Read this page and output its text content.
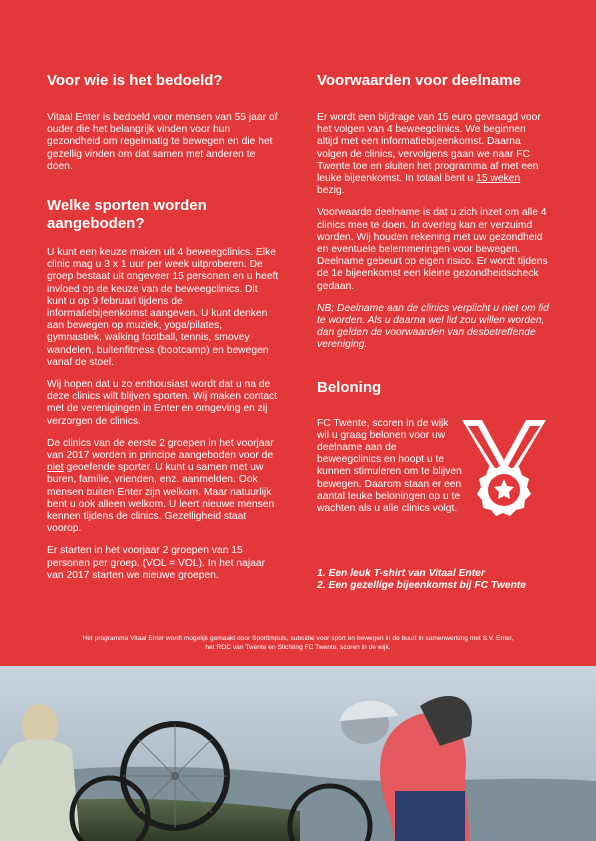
Voor wie is het bedoeld?

Vitaal Enter is bedoeld voor mensen van 55 jaar of ouder die het belangrijk vinden voor hun gezondheid om regelmatig te bewegen en die het gezellig vinden om dat samen met anderen te doen.

Welke sporten worden aangeboden?

U kunt een keuze maken uit 4 beweegclinics. Elke clinic mag u 3 x 1 uur per week uitproberen. De groep bestaat uit ongeveer 15 personen en u heeft invloed op de keuze van de beweegclinics. Dit kunt u op 9 februari tijdens de informatiebijeenkomst aangeven. U kunt denken aan bewegen op muziek, yoga/pilates, gymnastiek, walking football, tennis, smovey wandelen, buitenfitness (bootcamp) en bewegen vanaf de stoel.

Wij hopen dat u zo enthousiast wordt dat u na de deze clinics wilt blijven sporten. Wij maken contact met de verenigingen in Enter en omgeving en zij verzorgen de clinics.

De clinics van de eerste 2 groepen in het voorjaar van 2017 worden in principe aangeboden voor de niet geoefende sporter. U kunt u samen met uw buren, familie, vrienden, enz. aanmelden. Ook mensen buiten Enter zijn welkom. Maar natuurlijk bent u ook alleen welkom. U leert nieuwe mensen kennen tijdens de clinics. Gezelligheid staat voorop.

Er starten in het voorjaar 2 groepen van 15 personen per groep. (VOL = VOL). In het najaar van 2017 starten we nieuwe groepen.

Voorwaarden voor deelname

Er wordt een bijdrage van 15 euro gevraagd voor het volgen van 4 beweegclinics. We beginnen altijd met een informatiebijeenkomst. Daarna volgen de clinics, vervolgens gaan we naar FC Twente toe en sluiten het programma af met een leuke bijeenkomst. In totaal bent u 15 weken bezig.

Voorwaarde deelname is dat u zich inzet om alle 4 clinics mee te doen. In overleg kan er verzuimd worden. Wij houden rekening met uw gezondheid en eventuele belemmeringen voor bewegen. Deelname gebeurt op eigen risico. Er wordt tijdens de 1e bijeenkomst een kleine gezondheidscheck gedaan.

NB; Deelname aan de clinics verplicht u niet om lid te worden. Als u daarna wel lid zou willen worden, dan gelden de voorwaarden van desbetreffende vereniging.

Beloning

FC Twente, scoren in de wijk wil u graag belonen voor uw deelname aan de beweegclinics en hoopt u te kunnen stimuleren om te blijven bewegen. Daarom staan er een aantal leuke beloningen op u te wachten als u alle clinics volgt.

1. Een leuk T-shirt van Vitaal Enter

2. Een gezellige bijeenkomst bij FC Twente

Het programma Vitaal Enter wordt mogelijk gemaakt door Sportimpuls, subsidie voor sport en bewegen in de buurt in samenwerking met S.V. Enter,
het ROC van Twente en Stichting FC Twente, scoren in de wijk.
